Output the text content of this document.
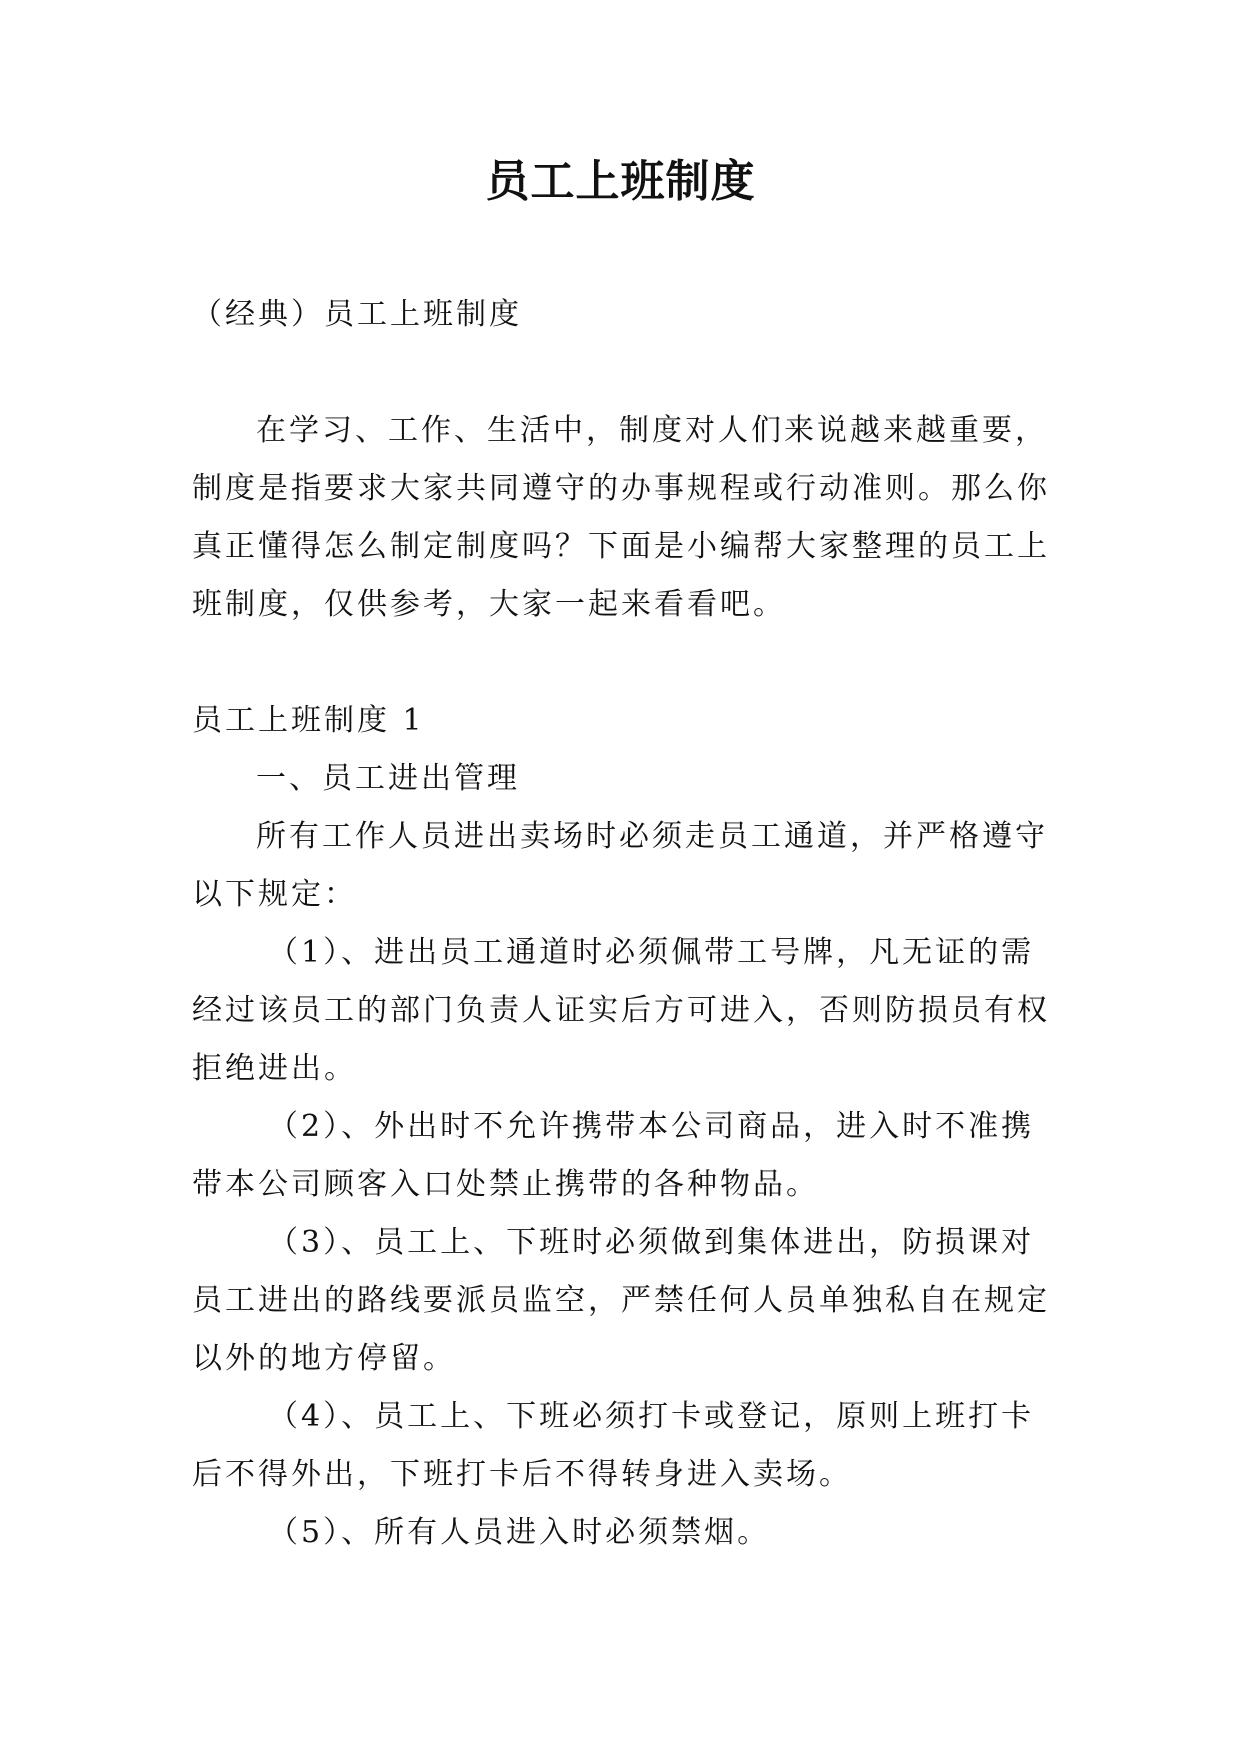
员工上班制度

（经典）员工上班制度

在学习、工作、生活中，制度对人们来说越来越重要，制度是指要求大家共同遵守的办事规程或行动准则。那么你真正懂得怎么制定制度吗？下面是小编帮大家整理的员工上班制度，仅供参考，大家一起来看看吧。

员工上班制度 1

一、员工进出管理

所有工作人员进出卖场时必须走员工通道，并严格遵守以下规定：

（1）、进出员工通道时必须佩带工号牌，凡无证的需经过该员工的部门负责人证实后方可进入，否则防损员有权拒绝进出。

（2）、外出时不允许携带本公司商品，进入时不准携带本公司顾客入口处禁止携带的各种物品。

（3）、员工上、下班时必须做到集体进出，防损课对员工进出的路线要派员监空，严禁任何人员单独私自在规定以外的地方停留。

（4）、员工上、下班必须打卡或登记，原则上班打卡后不得外出，下班打卡后不得转身进入卖场。

（5）、所有人员进入时必须禁烟。
